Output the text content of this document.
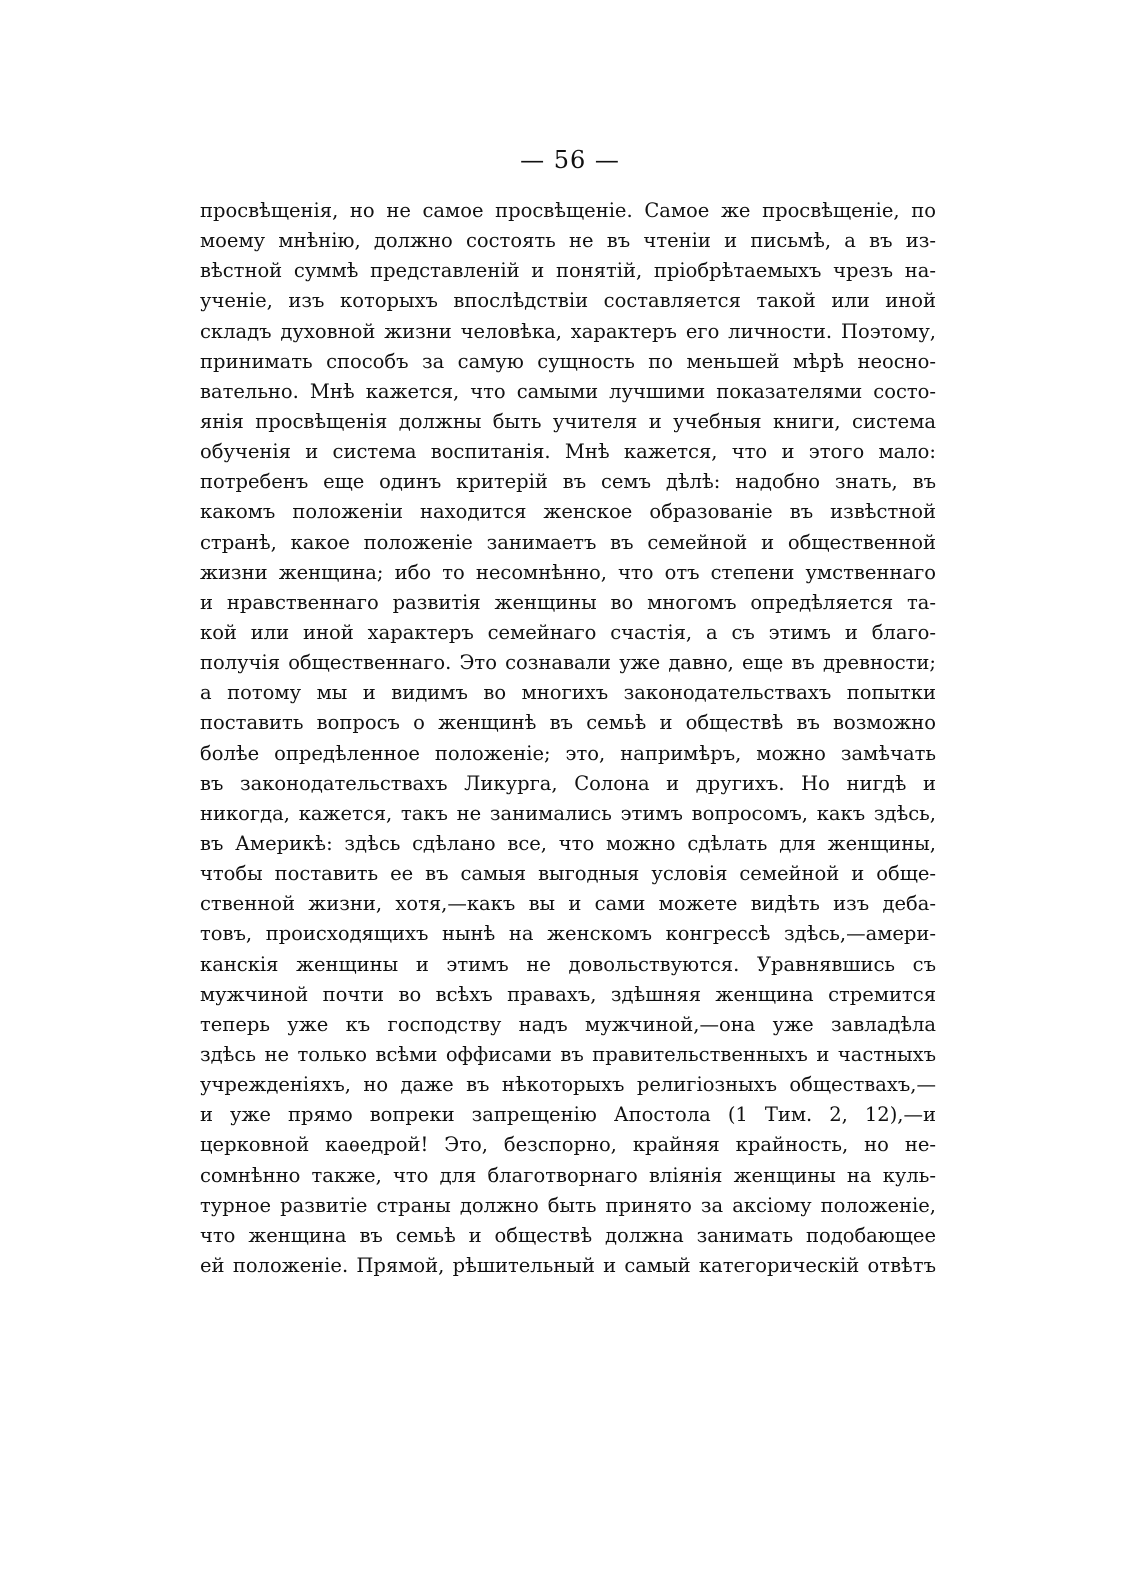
— 56 —
просвѣщенія, но не самое просвѣщеніе. Самое же просвѣщеніе, по
моему мнѣнію, должно состоять не въ чтеніи и письмѣ, а въ из-
вѣстной суммѣ представленій и понятій, пріобрѣтаемыхъ чрезъ на-
ученіе, изъ которыхъ впослѣдствіи составляется такой или иной
складъ духовной жизни человѣка, характеръ его личности. Поэтому,
принимать способъ за самую сущность по меньшей мѣрѣ неосно-
вательно. Мнѣ кажется, что самыми лучшими показателями состо-
янія просвѣщенія должны быть учителя и учебныя книги, система
обученія и система воспитанія. Мнѣ кажется, что и этого мало:
потребенъ еще одинъ критерій въ семъ дѣлѣ: надобно знать, въ
какомъ положеніи находится женское образованіе въ извѣстной
странѣ, какое положеніе занимаетъ въ семейной и общественной
жизни женщина; ибо то несомнѣнно, что отъ степени умственнаго
и нравственнаго развитія женщины во многомъ опредѣляется та-
кой или иной характеръ семейнаго счастія, а съ этимъ и благо-
получія общественнаго. Это сознавали уже давно, еще въ древности;
а потому мы и видимъ во многихъ законодательствахъ попытки
поставить вопросъ о женщинѣ въ семьѣ и обществѣ въ возможно
болѣе опредѣленное положеніе; это, напримѣръ, можно замѣчать
въ законодательствахъ Ликурга, Солона и другихъ. Но нигдѣ и
никогда, кажется, такъ не занимались этимъ вопросомъ, какъ здѣсь,
въ Америкѣ: здѣсь сдѣлано все, что можно сдѣлать для женщины,
чтобы поставить ее въ самыя выгодныя условія семейной и обще-
ственной жизни, хотя,—какъ вы и сами можете видѣть изъ деба-
товъ, происходящихъ нынѣ на женскомъ конгрессѣ здѣсь,—амери-
канскія женщины и этимъ не довольствуются. Уравнявшись съ
мужчиной почти во всѣхъ правахъ, здѣшняя женщина стремится
теперь уже къ господству надъ мужчиной,—она уже завладѣла
здѣсь не только всѣми оффисами въ правительственныхъ и частныхъ
учрежденіяхъ, но даже въ нѣкоторыхъ религіозныхъ обществахъ,—
и уже прямо вопреки запрещенію Апостола (1 Тим. 2, 12),—и
церковной каѳедрой! Это, безспорно, крайняя крайность, но не-
сомнѣнно также, что для благотворнаго вліянія женщины на куль-
турное развитіе страны должно быть принято за аксіому положеніе,
что женщина въ семьѣ и обществѣ должна занимать подобающее
ей положеніе. Прямой, рѣшительный и самый категорическій отвѣтъ
